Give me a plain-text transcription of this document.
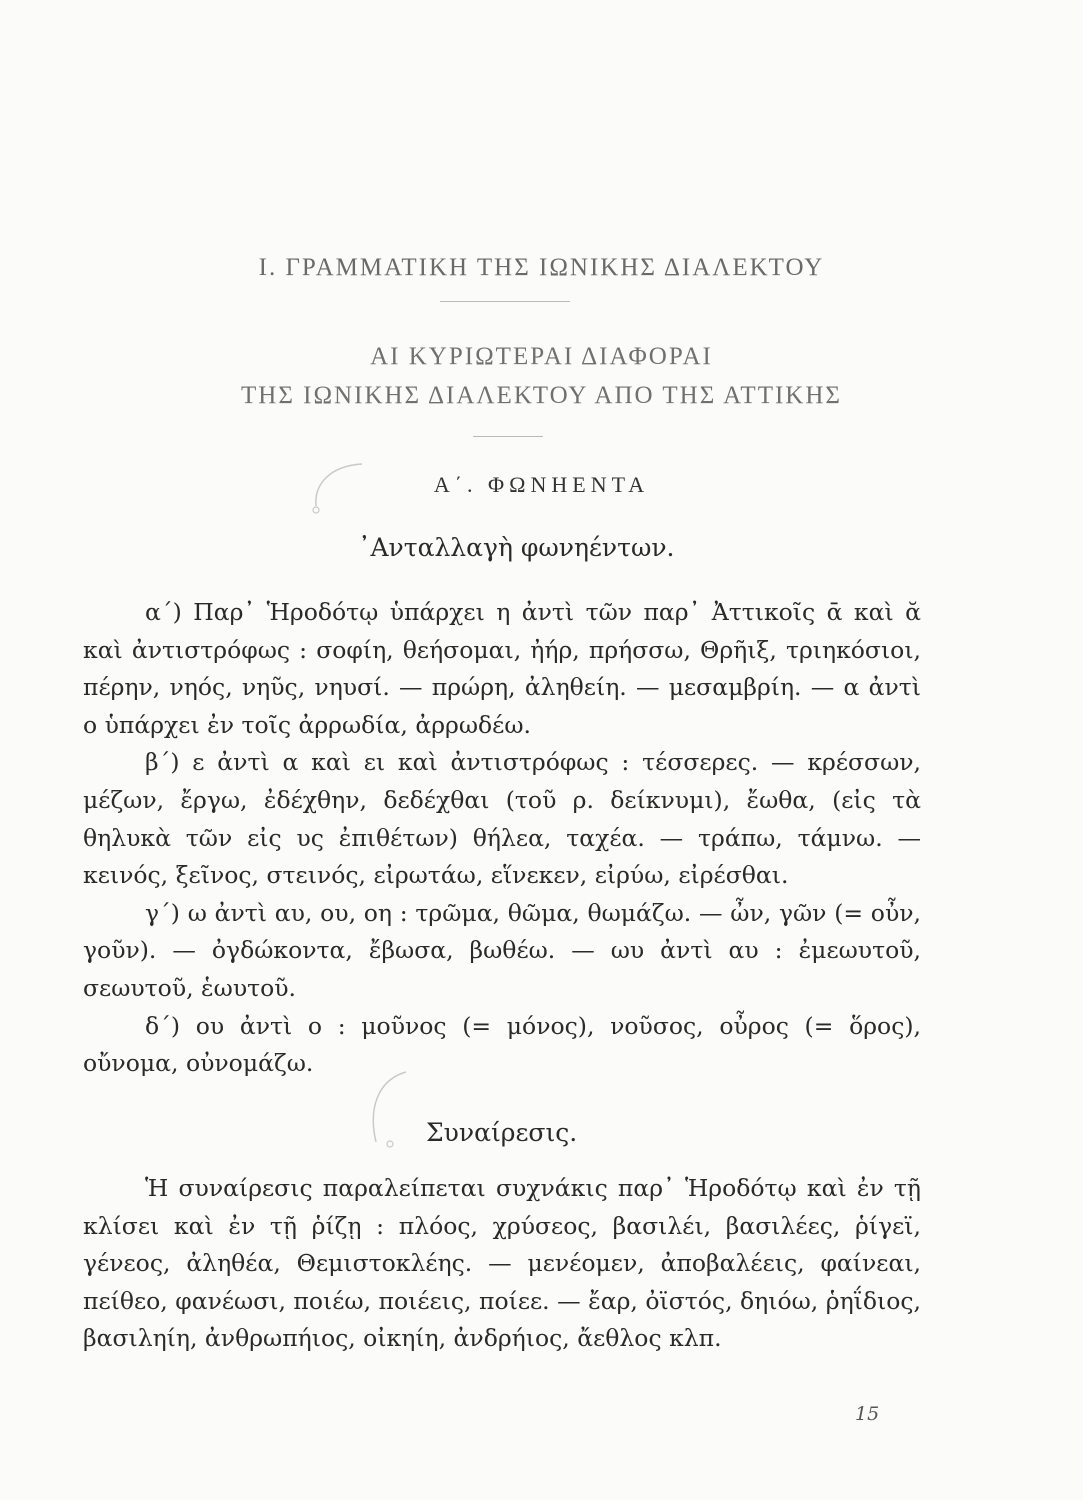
I. ΓΡΑΜΜΑΤΙΚΗ ΤΗΣ ΙΩΝΙΚΗΣ ΔΙΑΛΕΚΤΟΥ
ΑΙ ΚΥΡΙΩΤΕΡΑΙ ΔΙΑΦΟΡΑΙ
ΤΗΣ ΙΩΝΙΚΗΣ ΔΙΑΛΕΚΤΟΥ ΑΠΟ ΤΗΣ ΑΤΤΙΚΗΣ
Α΄. ΦΩΝΗΕΝΤΑ
᾿Ανταλλαγὴ φωνηέντων.

α΄) Παρ᾿ Ἡροδότῳ ὑπάρχει η ἀντὶ τῶν παρ᾿ Ἀττικοῖς ᾱ καὶ ᾰ καὶ ἀντιστρόφως : σοφίη, θεήσομαι, ἠήρ, πρήσσω, Θρῆιξ, τριηκόσιοι, πέρην, νηός, νηῦς, νηυσί. — πρώρη, ἀληθείη. — μεσαμβρίη. — α ἀντὶ ο ὑπάρχει ἐν τοῖς ἀρρωδία, ἀρρωδέω.

β΄) ε ἀντὶ α καὶ ει καὶ ἀντιστρόφως : τέσσερες. — κρέσσων, μέζων, ἔργω, ἐδέχθην, δεδέχθαι (τοῦ ρ. δείκνυμι), ἔωθα, (εἰς τὰ θηλυκὰ τῶν εἰς υς ἐπιθέτων) θήλεα, ταχέα. — τράπω, τάμνω. — κεινός, ξεῖνος, στεινός, εἰρωτάω, εἵνεκεν, εἰρύω, εἰρέσθαι.

γ΄) ω ἀντὶ αυ, ου, οη : τρῶμα, θῶμα, θωμάζω. — ὦν, γῶν (= οὖν, γοῦν). — ὀγδώκοντα, ἔβωσα, βωθέω. — ωυ ἀντὶ αυ : ἐμεωυτοῦ, σεωυτοῦ, ἑωυτοῦ.

δ΄) ου ἀντὶ ο : μοῦνος (= μόνος), νοῦσος, οὖρος (= ὅρος), οὔνομα, οὐνομάζω.

Συναίρεσις.

Ἡ συναίρεσις παραλείπεται συχνάκις παρ᾿ Ἡροδότῳ καὶ ἐν τῇ κλίσει καὶ ἐν τῇ ῥίζῃ : πλόος, χρύσεος, βασιλέι, βασιλέες, ῥίγεϊ, γένεος, ἀληθέα, Θεμιστοκλέης. — μενέομεν, ἀποβαλέεις, φαίνεαι, πείθεο, φανέωσι, ποιέω, ποιέεις, ποίεε. — ἔαρ, ὀϊστός, δηιόω, ῥηΐδιος, βασιληίη, ἀνθρωπήιος, οἰκηίη, ἀνδρήιος, ἄεθλος κλπ.

15
